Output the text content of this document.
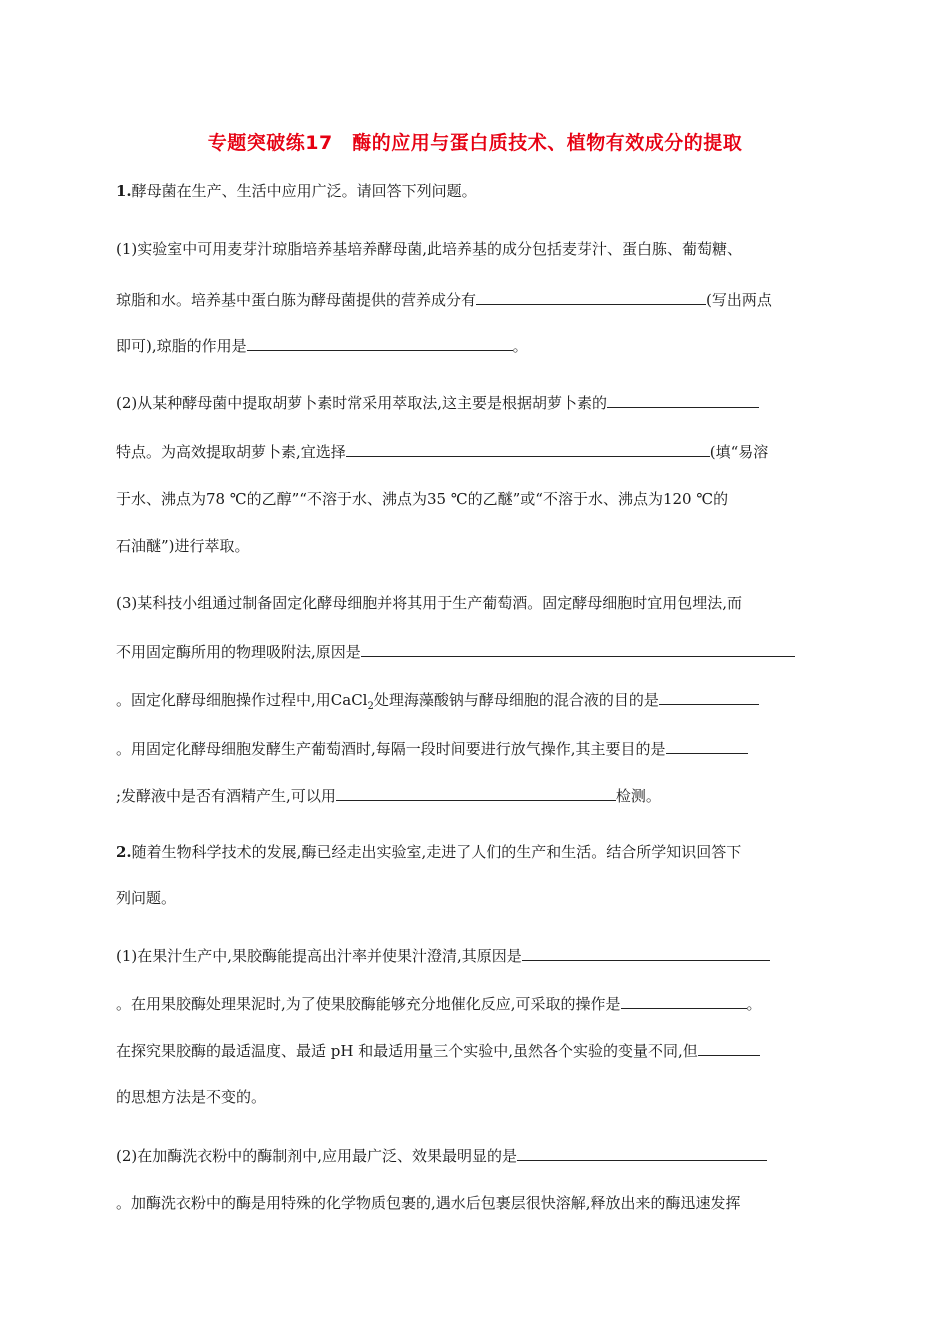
专题突破练17　酶的应用与蛋白质技术、植物有效成分的提取
1.酵母菌在生产、生活中应用广泛。请回答下列问题。
(1)实验室中可用麦芽汁琼脂培养基培养酵母菌,此培养基的成分包括麦芽汁、蛋白胨、葡萄糖、
琼脂和水。培养基中蛋白胨为酵母菌提供的营养成分有	(写出两点
即可),琼脂的作用是	。
(2)从某种酵母菌中提取胡萝卜素时常采用萃取法,这主要是根据胡萝卜素的
特点。为高效提取胡萝卜素,宜选择	(填“易溶
于水、沸点为78 ℃的乙醇”“不溶于水、沸点为35 ℃的乙醚”或“不溶于水、沸点为120 ℃的
石油醚”)进行萃取。
(3)某科技小组通过制备固定化酵母细胞并将其用于生产葡萄酒。固定酵母细胞时宜用包埋法,而
不用固定酶所用的物理吸附法,原因是
。固定化酵母细胞操作过程中,用CaCl$_2$处理海藻酸钠与酵母细胞的混合液的目的是
。用固定化酵母细胞发酵生产葡萄酒时,每隔一段时间要进行放气操作,其主要目的是
;发酵液中是否有酒精产生,可以用	检测。
2.随着生物科学技术的发展,酶已经走出实验室,走进了人们的生产和生活。结合所学知识回答下
列问题。
(1)在果汁生产中,果胶酶能提高出汁率并使果汁澄清,其原因是
。在用果胶酶处理果泥时,为了使果胶酶能够充分地催化反应,可采取的操作是	。
在探究果胶酶的最适温度、最适 pH 和最适用量三个实验中,虽然各个实验的变量不同,但
的思想方法是不变的。
(2)在加酶洗衣粉中的酶制剂中,应用最广泛、效果最明显的是
。加酶洗衣粉中的酶是用特殊的化学物质包裹的,遇水后包裹层很快溶解,释放出来的酶迅速发挥
